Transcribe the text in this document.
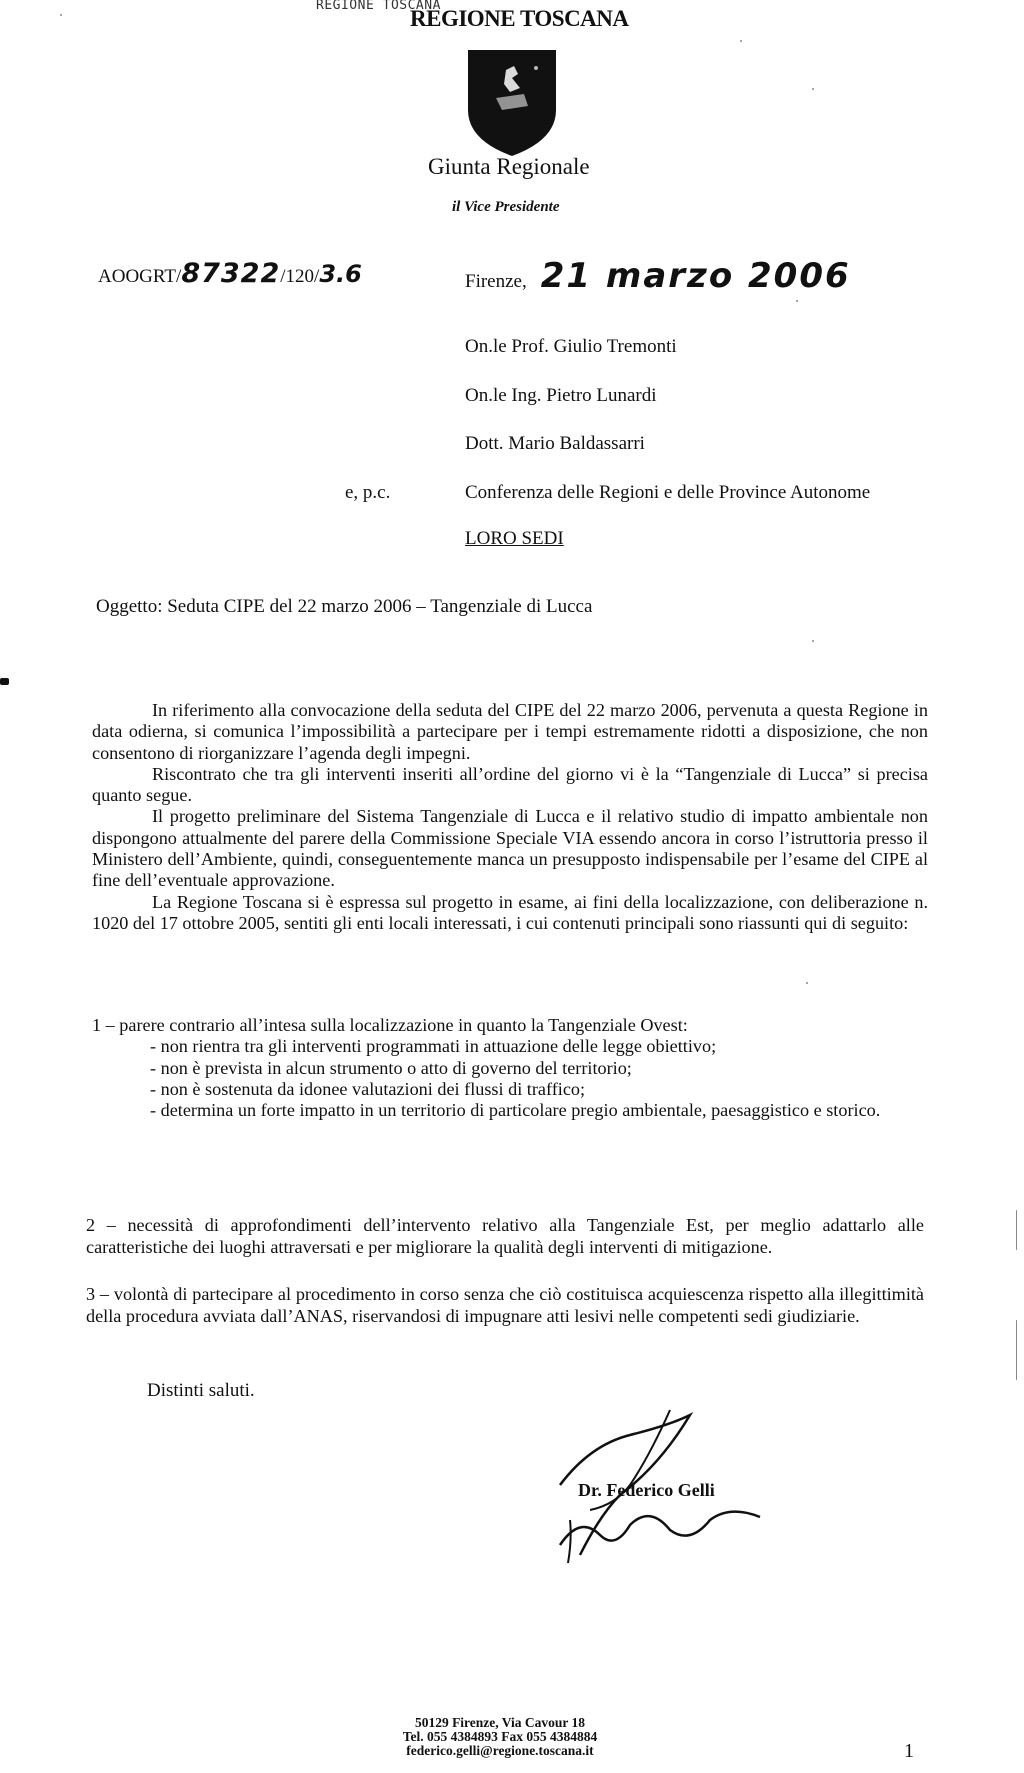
REGIONE TOSCANA
REGIONE TOSCANA
Giunta Regionale
il Vice Presidente
AOOGRT/ 87322 /120/ 3.6	Firenze, 21 marzo 2006
On.le Prof. Giulio Tremonti
On.le Ing. Pietro Lunardi
Dott. Mario Baldassarri
e, p.c.	Conferenza delle Regioni e delle Province Autonome
LORO SEDI
Oggetto: Seduta CIPE del 22 marzo 2006 – Tangenziale di Lucca

In riferimento alla convocazione della seduta del CIPE del 22 marzo 2006, pervenuta a questa Regione in data odierna, si comunica l’impossibilità a partecipare per i tempi estremamente ridotti a disposizione, che non consentono di riorganizzare l’agenda degli impegni.

Riscontrato che tra gli interventi inseriti all’ordine del giorno vi è la “Tangenziale di Lucca” si precisa quanto segue.

Il progetto preliminare del Sistema Tangenziale di Lucca e il relativo studio di impatto ambientale non dispongono attualmente del parere della Commissione Speciale VIA essendo ancora in corso l’istruttoria presso il Ministero dell’Ambiente, quindi, conseguentemente manca un presupposto indispensabile per l’esame del CIPE al fine dell’eventuale approvazione.

La Regione Toscana si è espressa sul progetto in esame, ai fini della localizzazione, con deliberazione n. 1020 del 17 ottobre 2005, sentiti gli enti locali interessati, i cui contenuti principali sono riassunti qui di seguito:

1 – parere contrario all’intesa sulla localizzazione in quanto la Tangenziale Ovest:
- non rientra tra gli interventi programmati in attuazione delle legge obiettivo;
- non è prevista in alcun strumento o atto di governo del territorio;
- non è sostenuta da idonee valutazioni dei flussi di traffico;
- determina un forte impatto in un territorio di particolare pregio ambientale, paesaggistico e storico.
2 – necessità di approfondimenti dell’intervento relativo alla Tangenziale Est, per meglio adattarlo alle caratteristiche dei luoghi attraversati e per migliorare la qualità degli interventi di mitigazione.
3 – volontà di partecipare al procedimento in corso senza che ciò costituisca acquiescenza rispetto alla illegittimità della procedura avviata dall’ANAS, riservandosi di impugnare atti lesivi nelle competenti sedi giudiziarie.
Distinti saluti.
Dr. Federico Gelli
50129 Firenze, Via Cavour 18
Tel. 055 4384893 Fax 055 4384884
federico.gelli@regione.toscana.it	1
